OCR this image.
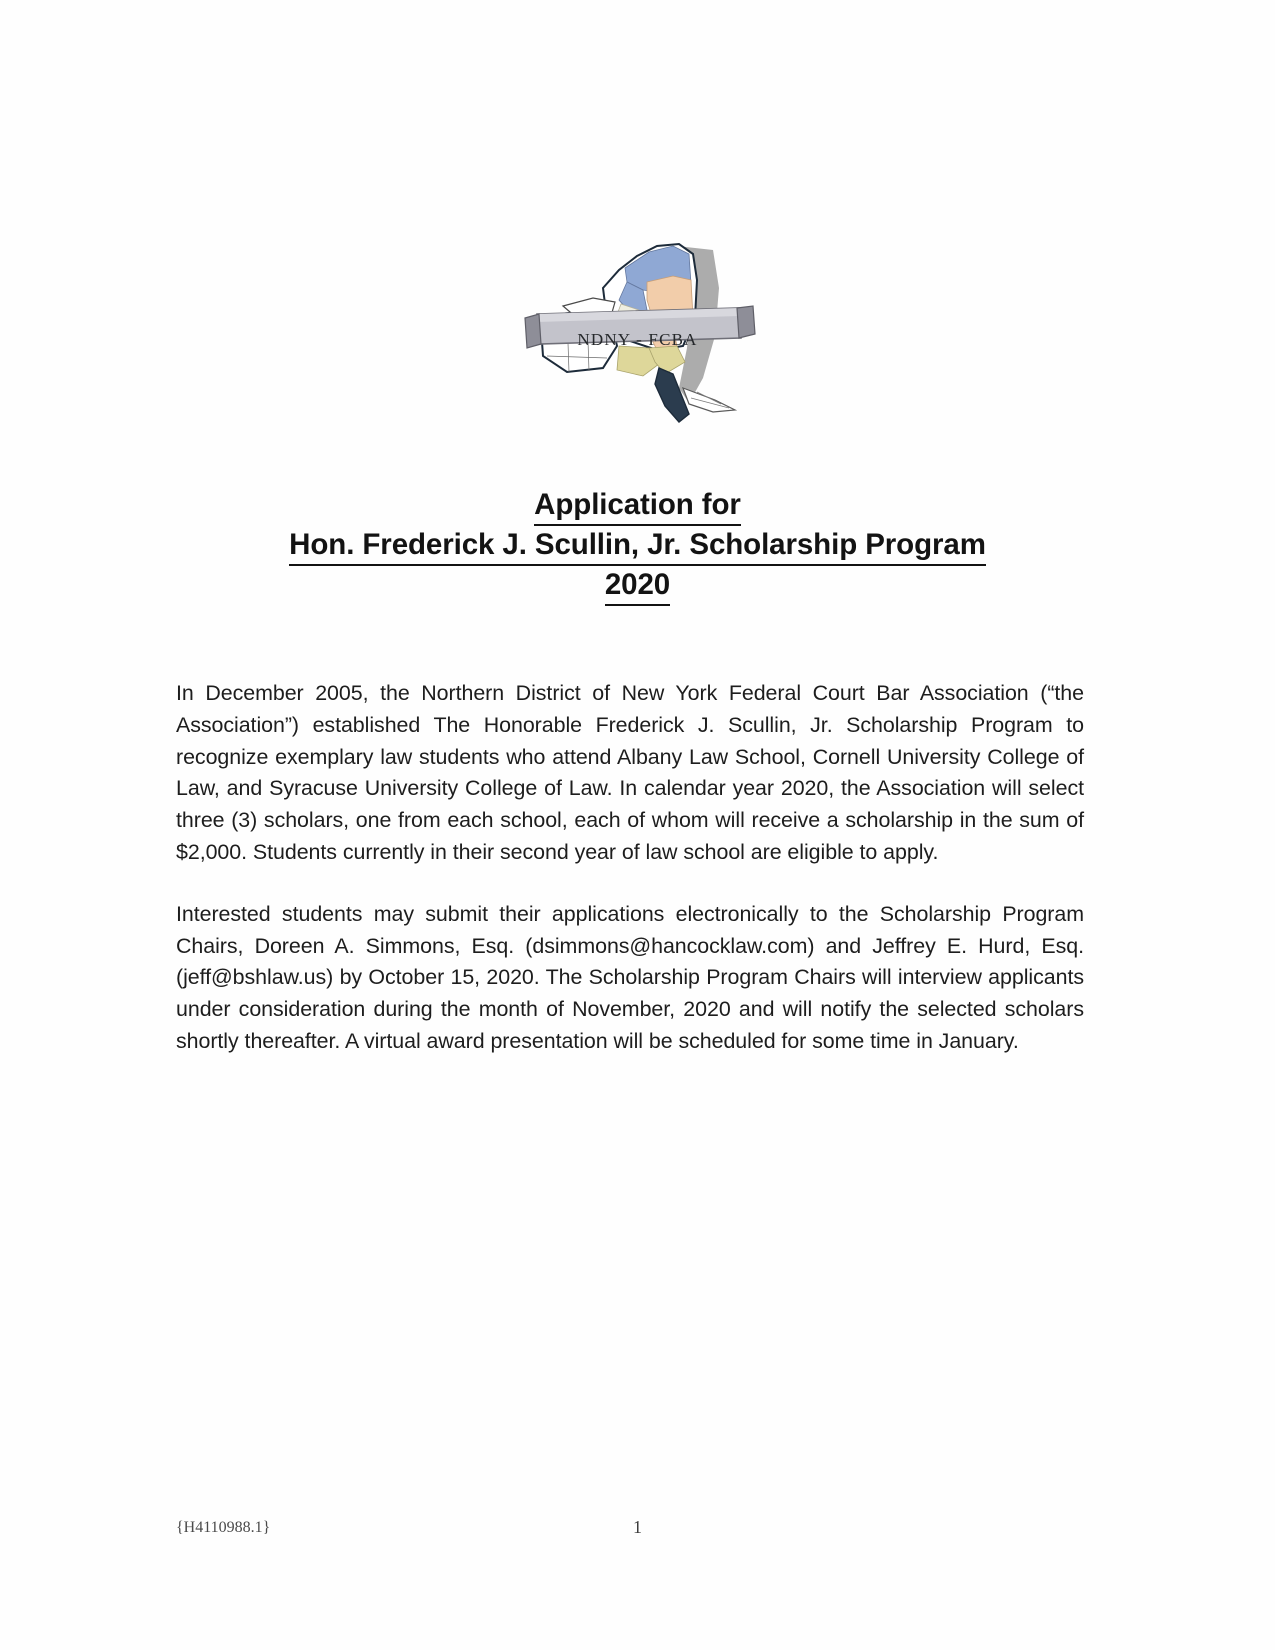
NDNY - FCBA
Application for
Hon. Frederick J. Scullin, Jr. Scholarship Program
2020

In December 2005, the Northern District of New York Federal Court Bar Association (“the Association”) established The Honorable Frederick J. Scullin, Jr. Scholarship Program to recognize exemplary law students who attend Albany Law School, Cornell University College of Law, and Syracuse University College of Law. In calendar year 2020, the Association will select three (3) scholars, one from each school, each of whom will receive a scholarship in the sum of $2,000. Students currently in their second year of law school are eligible to apply.

Interested students may submit their applications electronically to the Scholarship Program Chairs, Doreen A. Simmons, Esq. (dsimmons@hancocklaw.com) and Jeffrey E. Hurd, Esq. (jeff@bshlaw.us) by October 15, 2020. The Scholarship Program Chairs will interview applicants under consideration during the month of November, 2020 and will notify the selected scholars shortly thereafter. A virtual award presentation will be scheduled for some time in January.

{H4110988.1}	1
